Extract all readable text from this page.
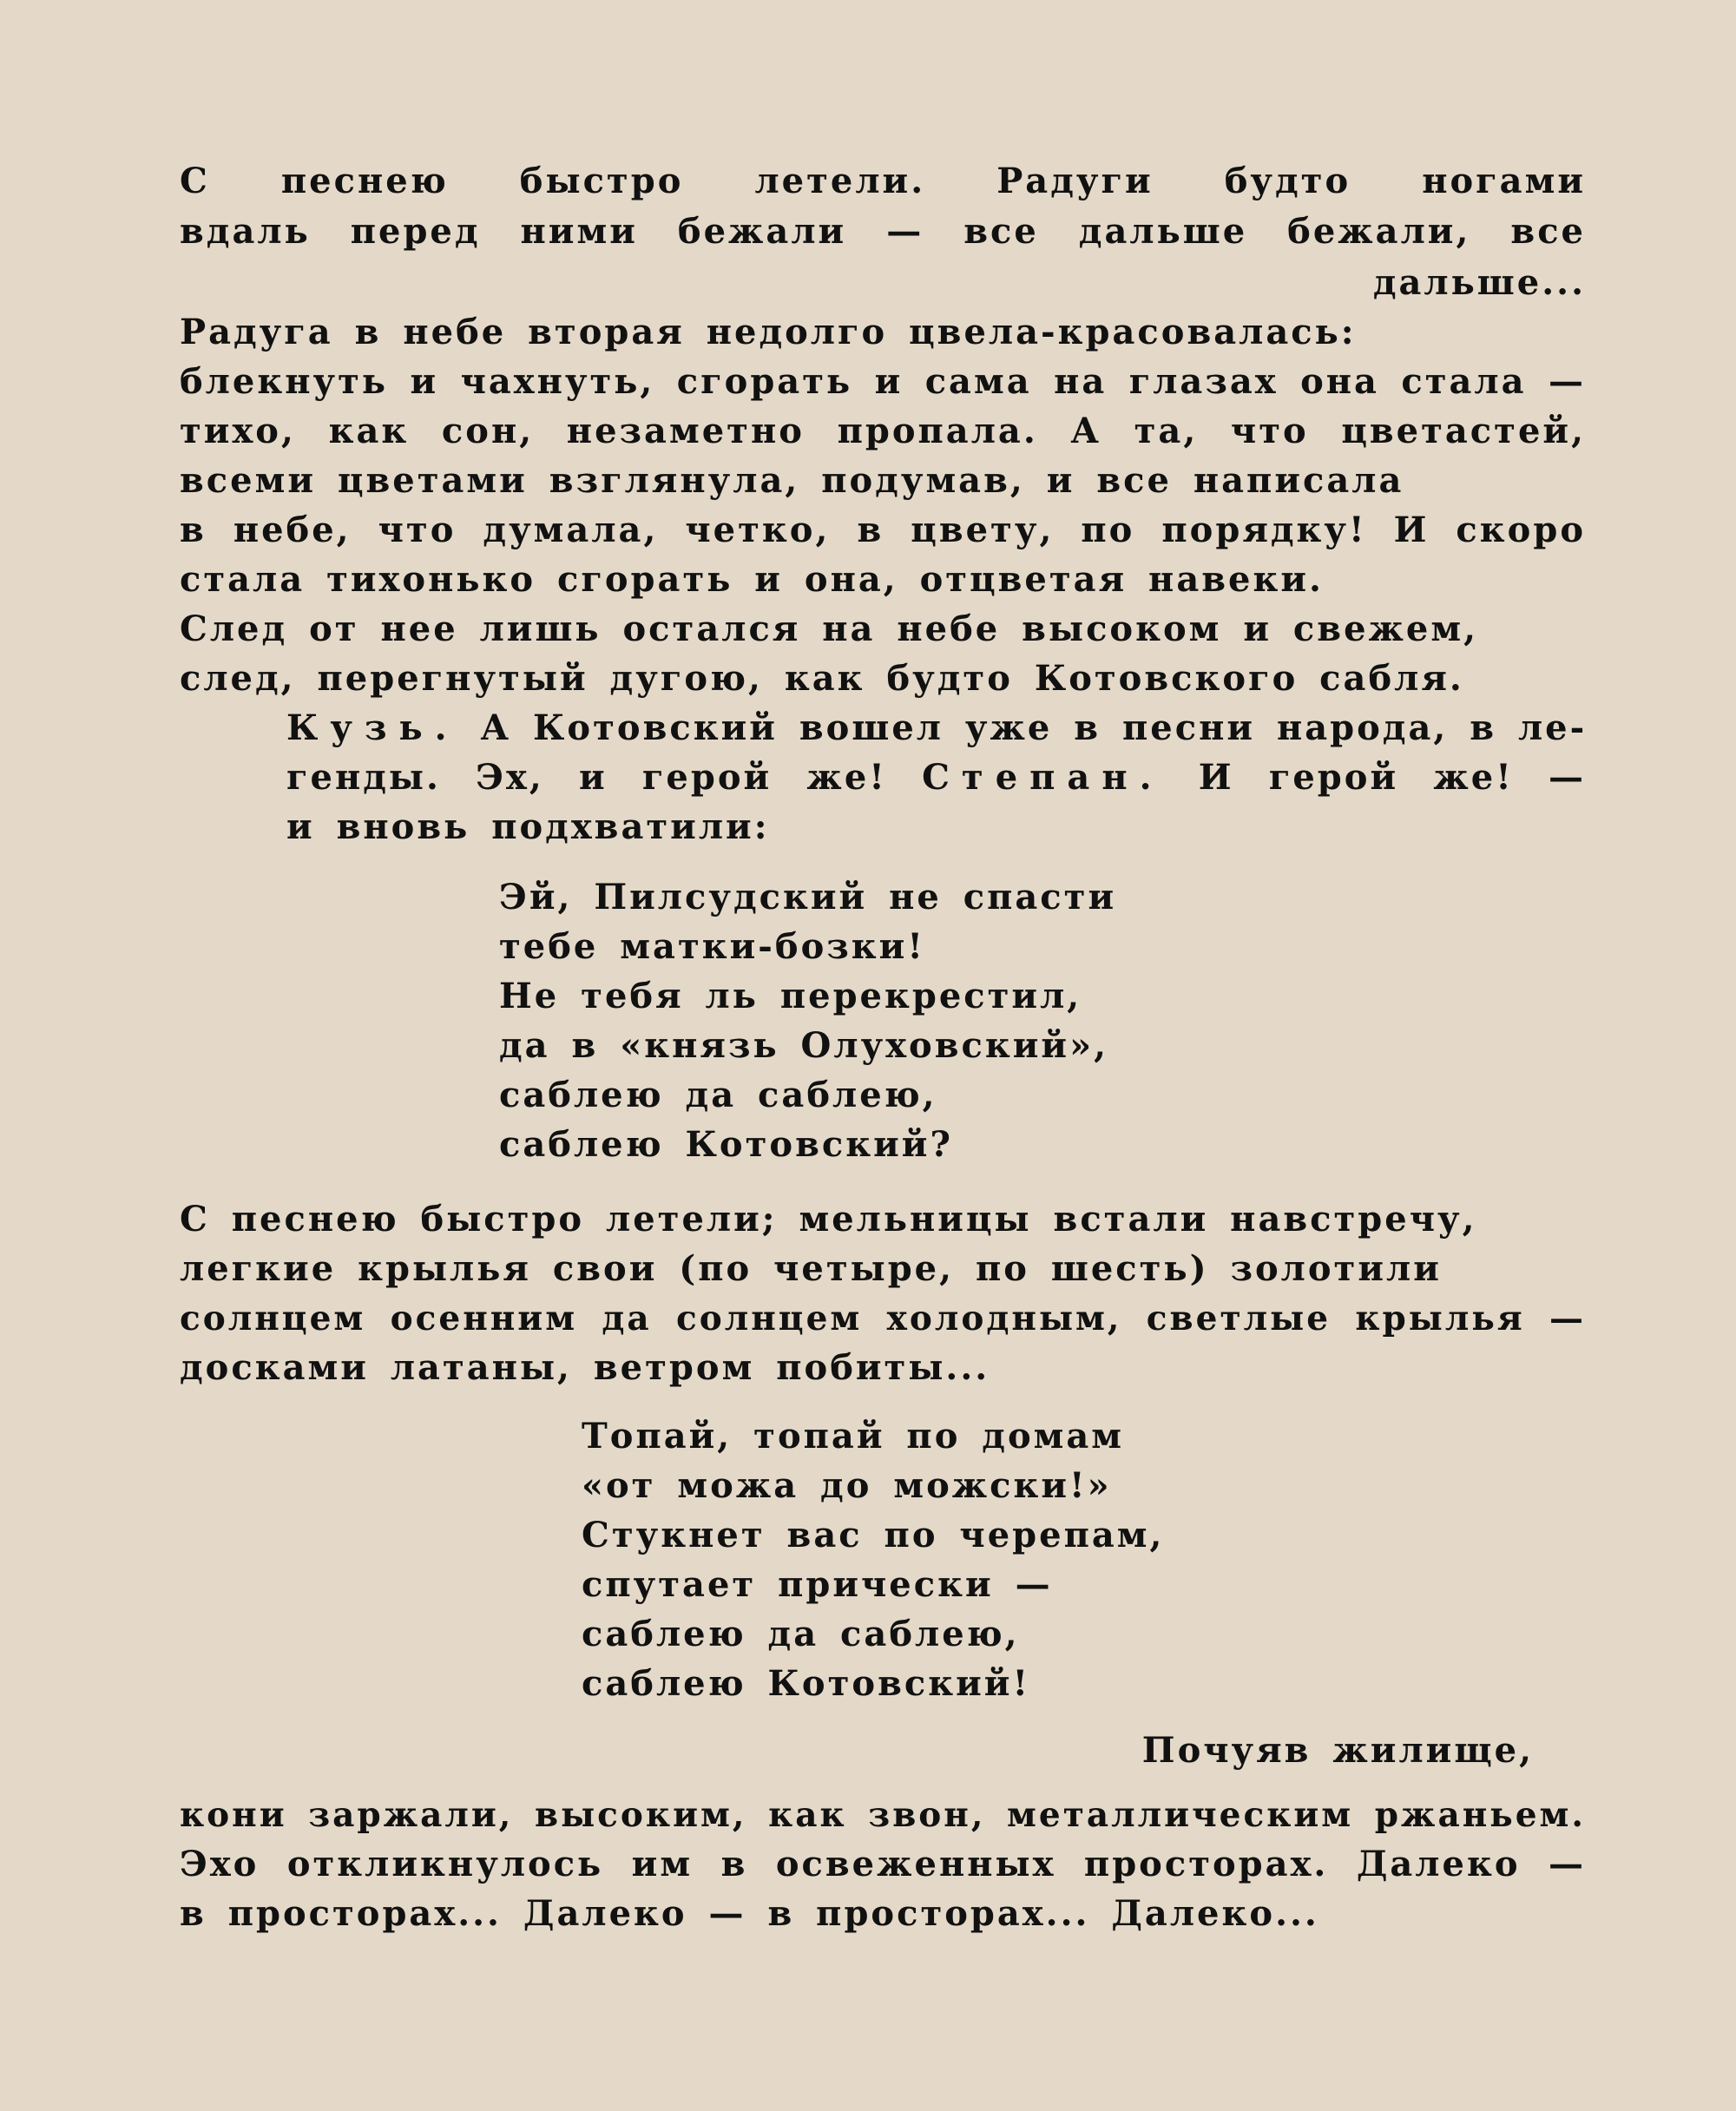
С песнею быстро летели. Радуги будто ногами
вдаль перед ними бежали — все дальше бежали, все
дальше...
Радуга в небе вторая недолго цвела-красовалась:
блекнуть и чахнуть, сгорать и сама на глазах она стала —
тихо, как сон, незаметно пропала. А та, что цветастей,
всеми цветами взглянула, подумав, и все написала
в небе, что думала, четко, в цвету, по порядку! И скоро
стала тихонько сгорать и она, отцветая навеки.
След от нее лишь остался на небе высоком и свежем,
след, перегнутый дугою, как будто Котовского сабля.
Кузь. А Котовский вошел уже в песни народа, в ле-
генды. Эх, и герой же! Степан. И герой же! —
и вновь подхватили:
Эй, Пилсудский не спасти
тебе матки-бозки!
Не тебя ль перекрестил,
да в «князь Олуховский»,
саблею да саблею,
саблею Котовский?
С песнею быстро летели; мельницы встали навстречу,
легкие крылья свои (по четыре, по шесть) золотили
солнцем осенним да солнцем холодным, светлые крылья —
досками латаны, ветром побиты...
Топай, топай по домам
«от можа до можски!»
Стукнет вас по черепам,
спутает прически —
саблею да саблею,
саблею Котовский!
Почуяв жилище,
кони заржали, высоким, как звон, металлическим ржаньем.
Эхо откликнулось им в освеженных просторах. Далеко —
в просторах... Далеко — в просторах... Далеко...
